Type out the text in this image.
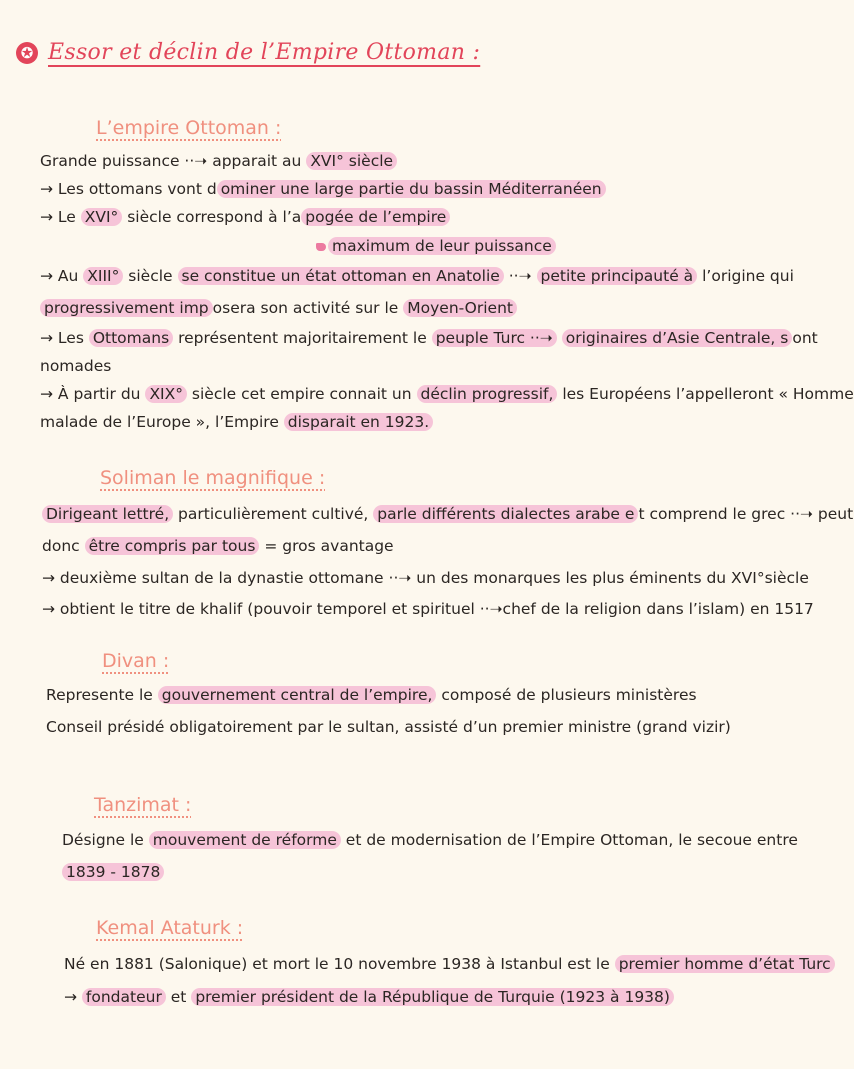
✪ Essor et déclin de l’Empire Ottoman :
L’empire Ottoman :
Grande puissance ··➝ apparait au XVI° siècle
→ Les ottomans vont d ominer une large partie du bassin Méditerranéen
→ Le XVI° siècle correspond à l’a pogée de l’empire
maximum de leur puissance
→ Au XIII° siècle se constitue un état ottoman en Anatolie ··➝ petite principauté à l’origine qui
progressivement imp osera son activité sur le Moyen-Orient
→ Les Ottomans représentent majoritairement le peuple Turc ··➝ originaires d’Asie Centrale, s ont
nomades
→ À partir du XIX° siècle cet empire connait un déclin progressif, les Européens l’appelleront « Homme
malade de l’Europe », l’Empire disparait en 1923.
Soliman le magnifique :
Dirigeant lettré, particulièrement cultivé, parle différents dialectes arabe e t comprend le grec ··➝ peut
donc être compris par tous = gros avantage
→ deuxième sultan de la dynastie ottomane ··➝ un des monarques les plus éminents du XVI°siècle
→ obtient le titre de khalif (pouvoir temporel et spirituel ··➝chef de la religion dans l’islam) en 1517
Divan :
Represente le gouvernement central de l’empire, composé de plusieurs ministères
Conseil présidé obligatoirement par le sultan, assisté d’un premier ministre (grand vizir)
Tanzimat :
Désigne le mouvement de réforme et de modernisation de l’Empire Ottoman, le secoue entre
1839 - 1878
Kemal Ataturk :
Né en 1881 (Salonique) et mort le 10 novembre 1938 à Istanbul est le premier homme d’état Turc
→ fondateur et premier président de la République de Turquie (1923 à 1938)
